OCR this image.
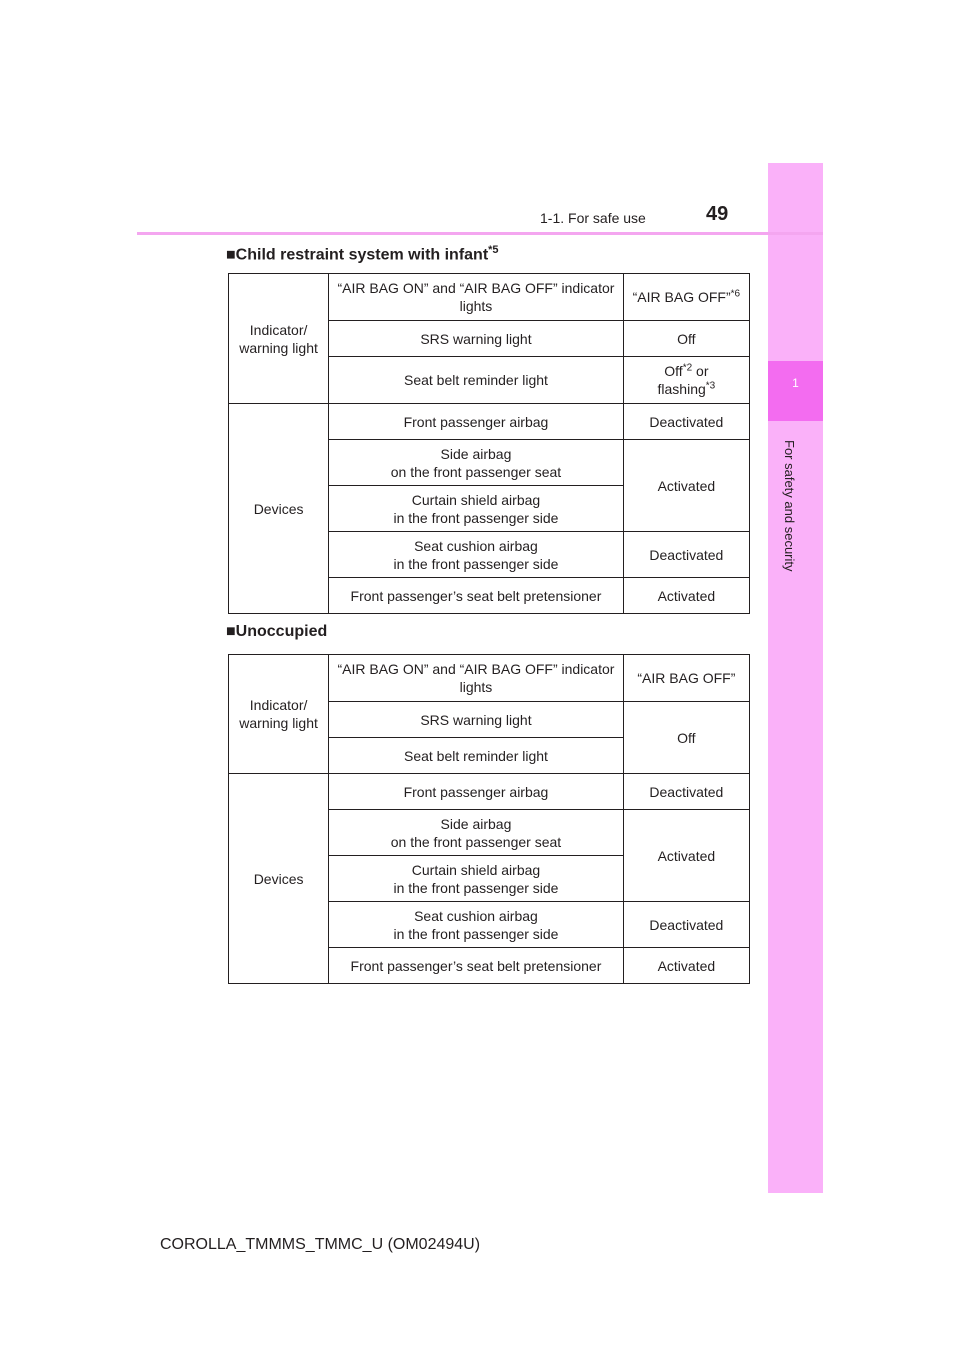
1
For safety and security
1-1. For safe use	49
■Child restraint system with infant$^{*5}$
Indicator/ warning light	“AIR BAG ON” and “AIR BAG OFF” indicator lights	“AIR BAG OFF”$^{*6}$
	SRS warning light	Off
	Seat belt reminder light	Off$^{*2}$ or
flashing$^{*3}$
Devices	Front passenger airbag	Deactivated
	Side airbag
on the front passenger seat	Activated
	Curtain shield airbag
in the front passenger side	
	Seat cushion airbag
in the front passenger side	Deactivated
	Front passenger’s seat belt pretensioner	Activated
■Unoccupied
Indicator/ warning light	“AIR BAG ON” and “AIR BAG OFF” indicator lights	“AIR BAG OFF”
	SRS warning light	Off
	Seat belt reminder light	
Devices	Front passenger airbag	Deactivated
	Side airbag
on the front passenger seat	Activated
	Curtain shield airbag
in the front passenger side	
	Seat cushion airbag
in the front passenger side	Deactivated
	Front passenger’s seat belt pretensioner	Activated
COROLLA_TMMMS_TMMC_U (OM02494U)
